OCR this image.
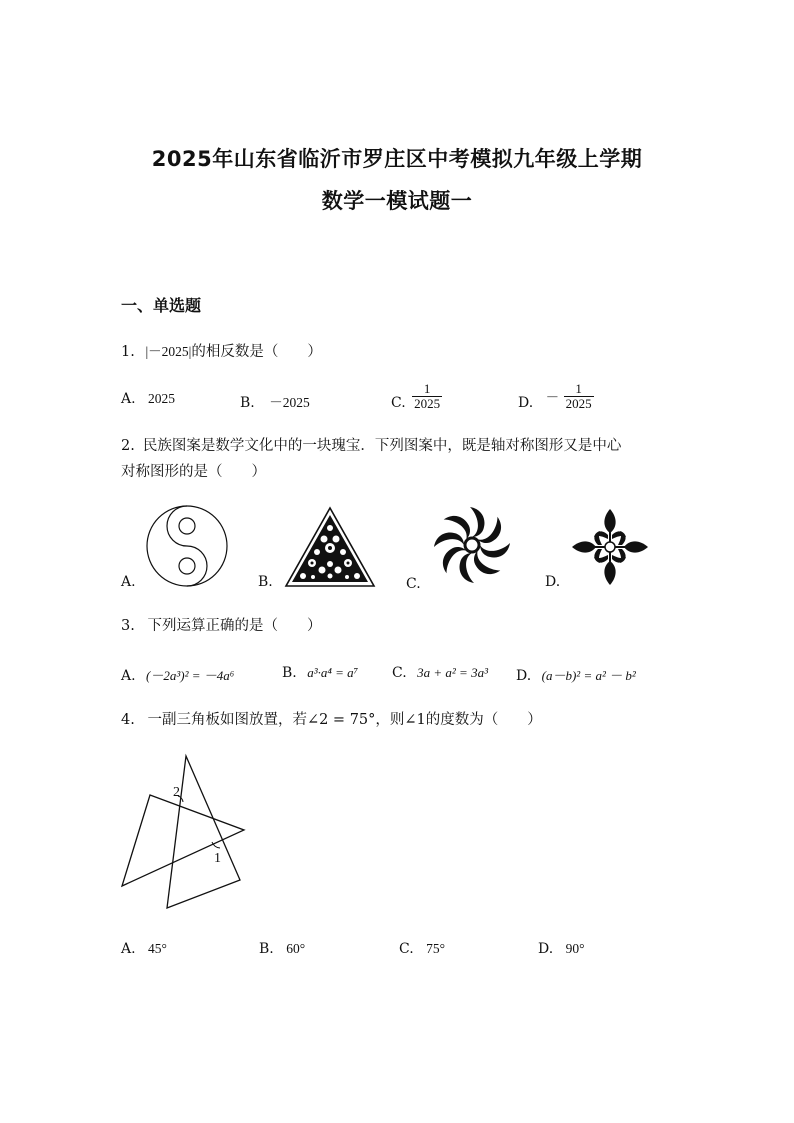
2025年山东省临沂市罗庄区中考模拟九年级上学期
数学一模试题一
一、单选题
1. |－2025|的相反数是（　　）
A. 2025	B. －2025	C. $\frac{1}{2025}$	D. － $\frac{1}{2025}$
2. 民族图案是数学文化中的一块瑰宝．下列图案中，既是轴对称图形又是中心
对称图形的是（　　）
A.	B.	C.	D.
3. 下列运算正确的是（　　）
A. (－2a³)² = －4a⁶	B. a³·a⁴ = a⁷ C. 3a + a² = 3a³ D. (a－b)² = a² － b²
4. 一副三角板如图放置，若∠2 = 75°，则∠1的度数为（　　）
2
1
A. 45°	B. 60°	C. 75°	D. 90°
